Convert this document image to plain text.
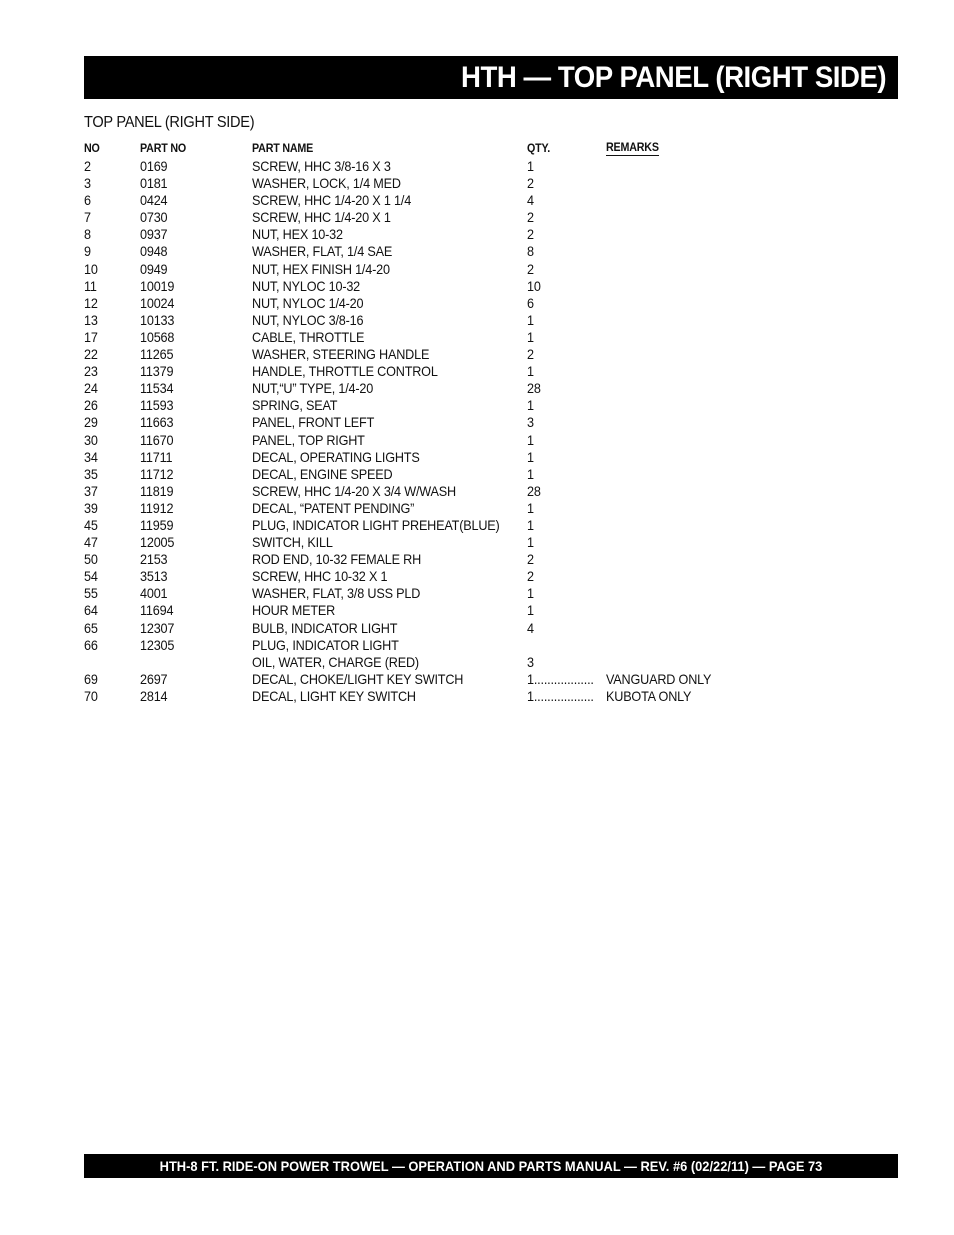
HTH — TOP PANEL (RIGHT SIDE)
TOP PANEL (RIGHT SIDE)
NO	PART NO	PART NAME	QTY.	REMARKS
2	0169	SCREW, HHC 3/8-16 X 3	1
3	0181	WASHER, LOCK, 1/4 MED	2
6	0424	SCREW, HHC 1/4-20 X 1 1/4	4
7	0730	SCREW, HHC 1/4-20 X 1	2
8	0937	NUT, HEX 10-32	2
9	0948	WASHER, FLAT, 1/4 SAE	8
10	0949	NUT, HEX FINISH 1/4-20	2
11	10019	NUT, NYLOC 10-32	10
12	10024	NUT, NYLOC 1/4-20	6
13	10133	NUT, NYLOC 3/8-16	1
17	10568	CABLE, THROTTLE	1
22	11265	WASHER, STEERING HANDLE	2
23	11379	HANDLE, THROTTLE CONTROL	1
24	11534	NUT,“U” TYPE, 1/4-20	28
26	11593	SPRING, SEAT	1
29	11663	PANEL, FRONT LEFT	3
30	11670	PANEL, TOP RIGHT	1
34	11711	DECAL, OPERATING LIGHTS	1
35	11712	DECAL, ENGINE SPEED	1
37	11819	SCREW, HHC 1/4-20 X 3/4 W/WASH	28
39	11912	DECAL, “PATENT PENDING”	1
45	11959	PLUG, INDICATOR LIGHT PREHEAT(BLUE) 1
47	12005	SWITCH, KILL	1
50	2153	ROD END, 10-32 FEMALE RH	2
54	3513	SCREW, HHC 10-32 X 1	2
55	4001	WASHER, FLAT, 3/8 USS PLD	1
64	11694	HOUR METER	1
65	12307	BULB, INDICATOR LIGHT	4
66	12305	PLUG, INDICATOR LIGHT
OIL, WATER, CHARGE (RED)	3
69	2697	DECAL, CHOKE/LIGHT KEY SWITCH	1.................. VANGUARD ONLY
70	2814	DECAL, LIGHT KEY SWITCH	1.................. KUBOTA ONLY
HTH-8 FT. RIDE-ON POWER TROWEL — OPERATION AND PARTS MANUAL — REV. #6 (02/22/11) — PAGE 73
